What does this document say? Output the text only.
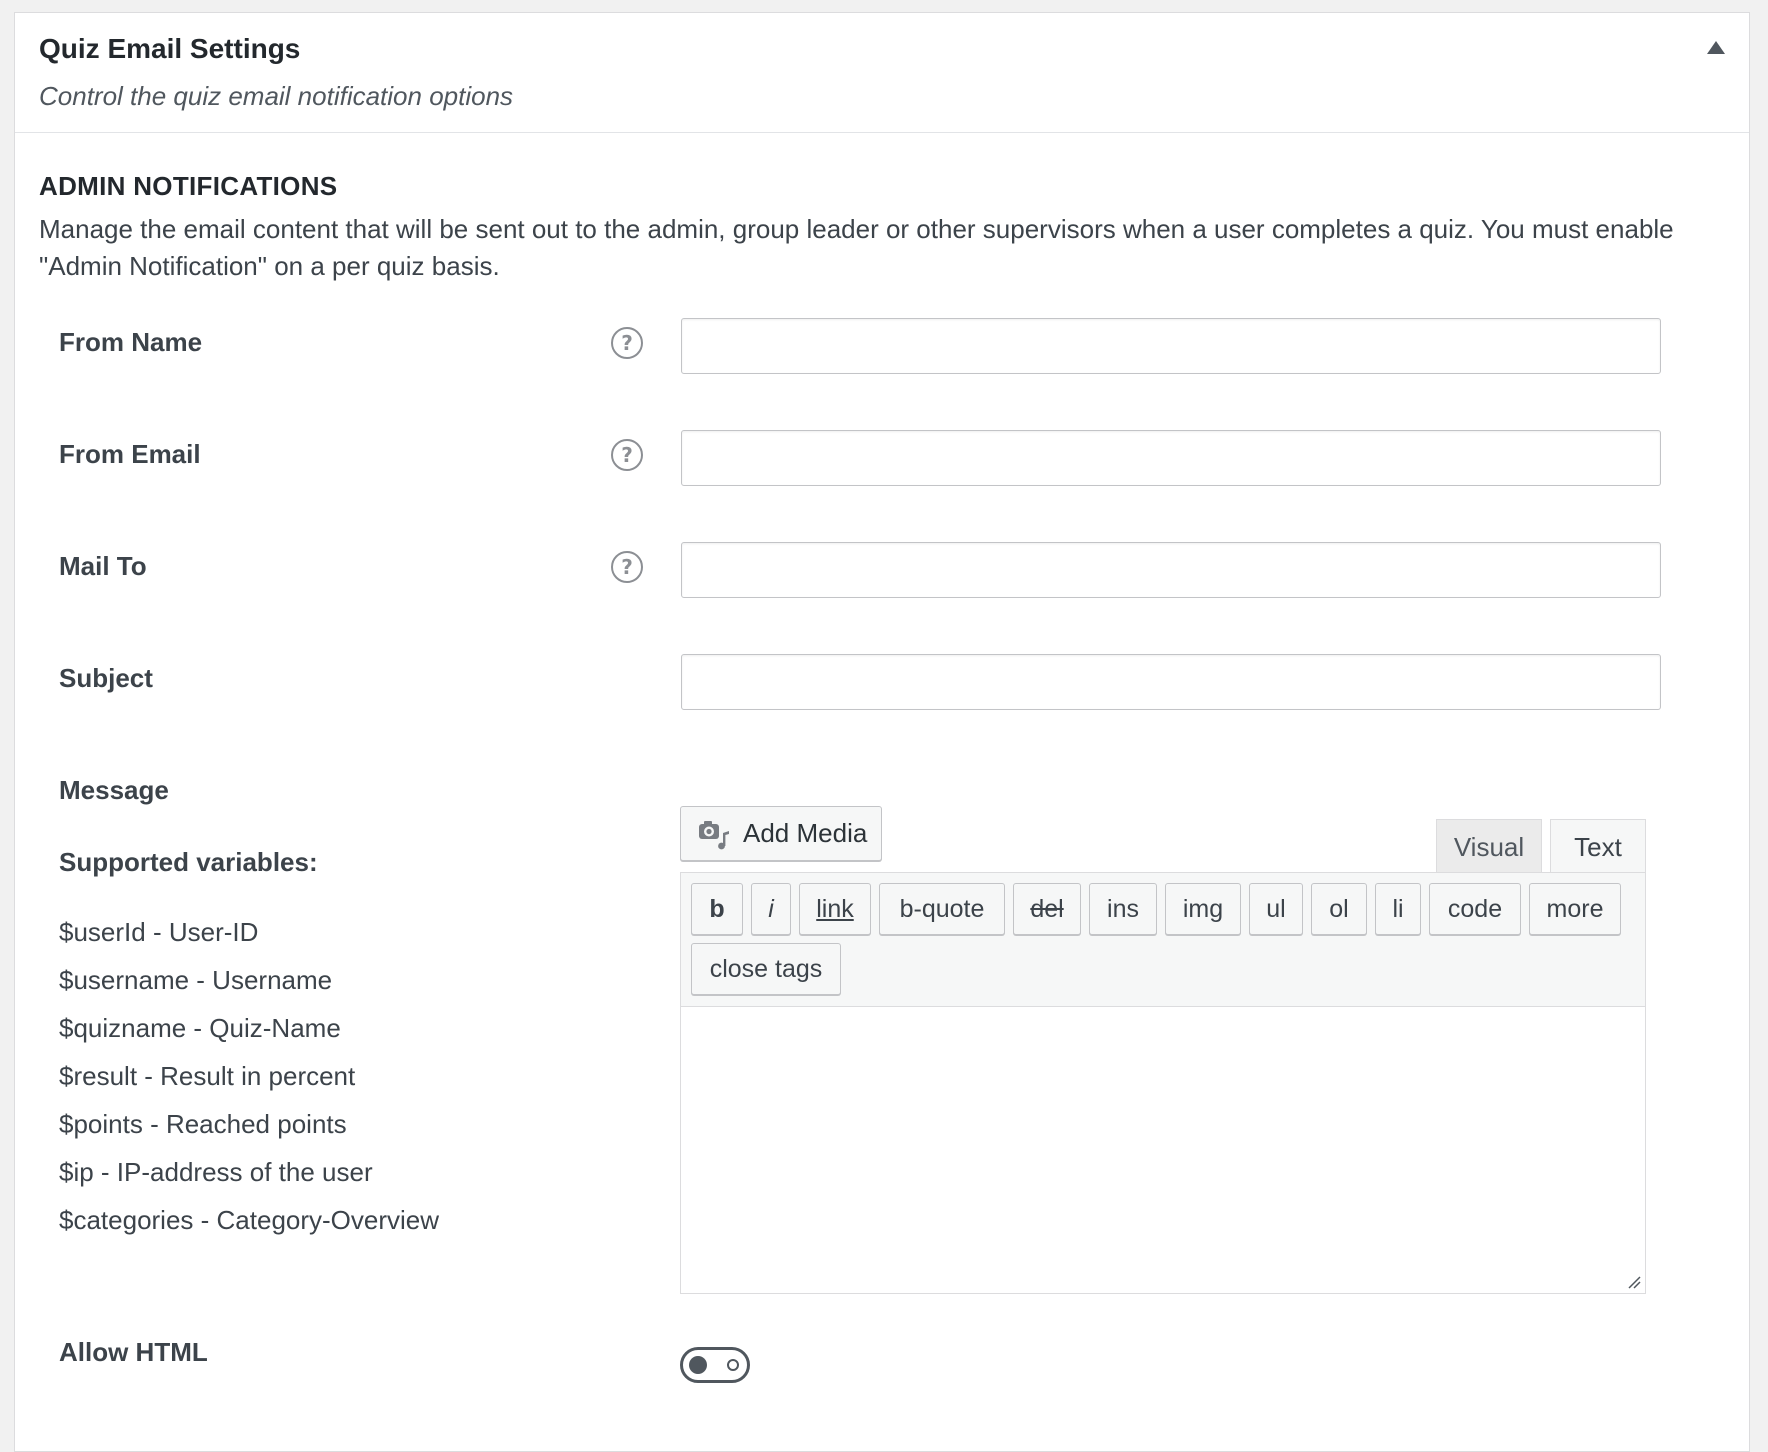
Quiz Email Settings
Control the quiz email notification options
ADMIN NOTIFICATIONS
Manage the email content that will be sent out to the admin, group leader or other supervisors when a user completes a quiz. You must enable "Admin Notification" on a per quiz basis.
From Name	?
From Email	?
Mail To	?
Subject
Message
Supported variables:
$userId - User-ID
$username - Username
$quizname - Quiz-Name
$result - Result in percent
$points - Reached points
$ip - IP-address of the user
$categories - Category-Overview
Add Media	Visual	Text
b	i	link	b-quote	del	ins	img	ul	ol	li	code	more
close tags
Allow HTML
